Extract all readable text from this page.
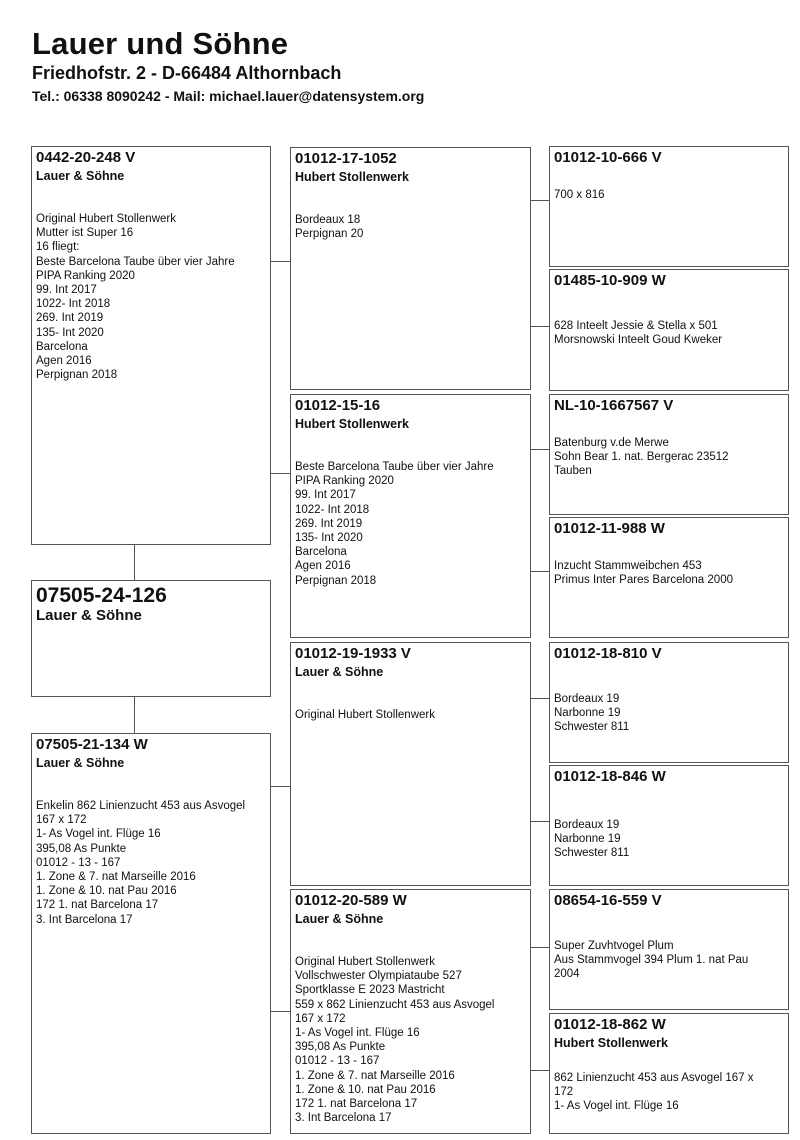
Lauer und Söhne
Friedhofstr. 2 - D-66484 Althornbach
Tel.: 06338 8090242 - Mail: michael.lauer@datensystem.org
0442-20-248 V
Lauer & Söhne
Original Hubert Stollenwerk
Mutter ist Super 16
16 fliegt:
Beste Barcelona Taube über vier Jahre
PIPA Ranking 2020
99. Int 2017
1022- Int 2018
269. Int 2019
135- Int 2020
Barcelona
Agen 2016
Perpignan 2018
07505-24-126
Lauer & Söhne
07505-21-134 W
Lauer & Söhne
Enkelin 862 Linienzucht 453 aus Asvogel
167 x 172
1- As Vogel int. Flüge 16
395,08 As Punkte
01012 - 13 - 167
1. Zone & 7. nat Marseille 2016
1. Zone & 10. nat Pau 2016
172 1. nat Barcelona 17
3. Int Barcelona 17
01012-17-1052
Hubert Stollenwerk
Bordeaux 18
Perpignan 20
01012-15-16
Hubert Stollenwerk
Beste Barcelona Taube über vier Jahre
PIPA Ranking 2020
99. Int 2017
1022- Int 2018
269. Int 2019
135- Int 2020
Barcelona
Agen 2016
Perpignan 2018
01012-19-1933 V
Lauer & Söhne
Original Hubert Stollenwerk
01012-20-589 W
Lauer & Söhne
Original Hubert Stollenwerk
Vollschwester Olympiataube 527
Sportklasse E 2023 Mastricht
559 x 862 Linienzucht 453 aus Asvogel
167 x 172
1- As Vogel int. Flüge 16
395,08 As Punkte
01012 - 13 - 167
1. Zone & 7. nat Marseille 2016
1. Zone & 10. nat Pau 2016
172 1. nat Barcelona 17
3. Int Barcelona 17
01012-10-666 V
700 x 816
01485-10-909 W
628 Inteelt Jessie & Stella x 501
Morsnowski Inteelt Goud Kweker
NL-10-1667567 V
Batenburg v.de Merwe
Sohn Bear 1. nat. Bergerac 23512
Tauben
01012-11-988 W
Inzucht Stammweibchen 453
Primus Inter Pares Barcelona 2000
01012-18-810 V
Bordeaux 19
Narbonne 19
Schwester 811
01012-18-846 W
Bordeaux 19
Narbonne 19
Schwester 811
08654-16-559 V
Super Zuvhtvogel Plum
Aus Stammvogel 394 Plum 1. nat Pau
2004
01012-18-862 W
Hubert Stollenwerk
862 Linienzucht 453 aus Asvogel 167 x
172
1- As Vogel int. Flüge 16
